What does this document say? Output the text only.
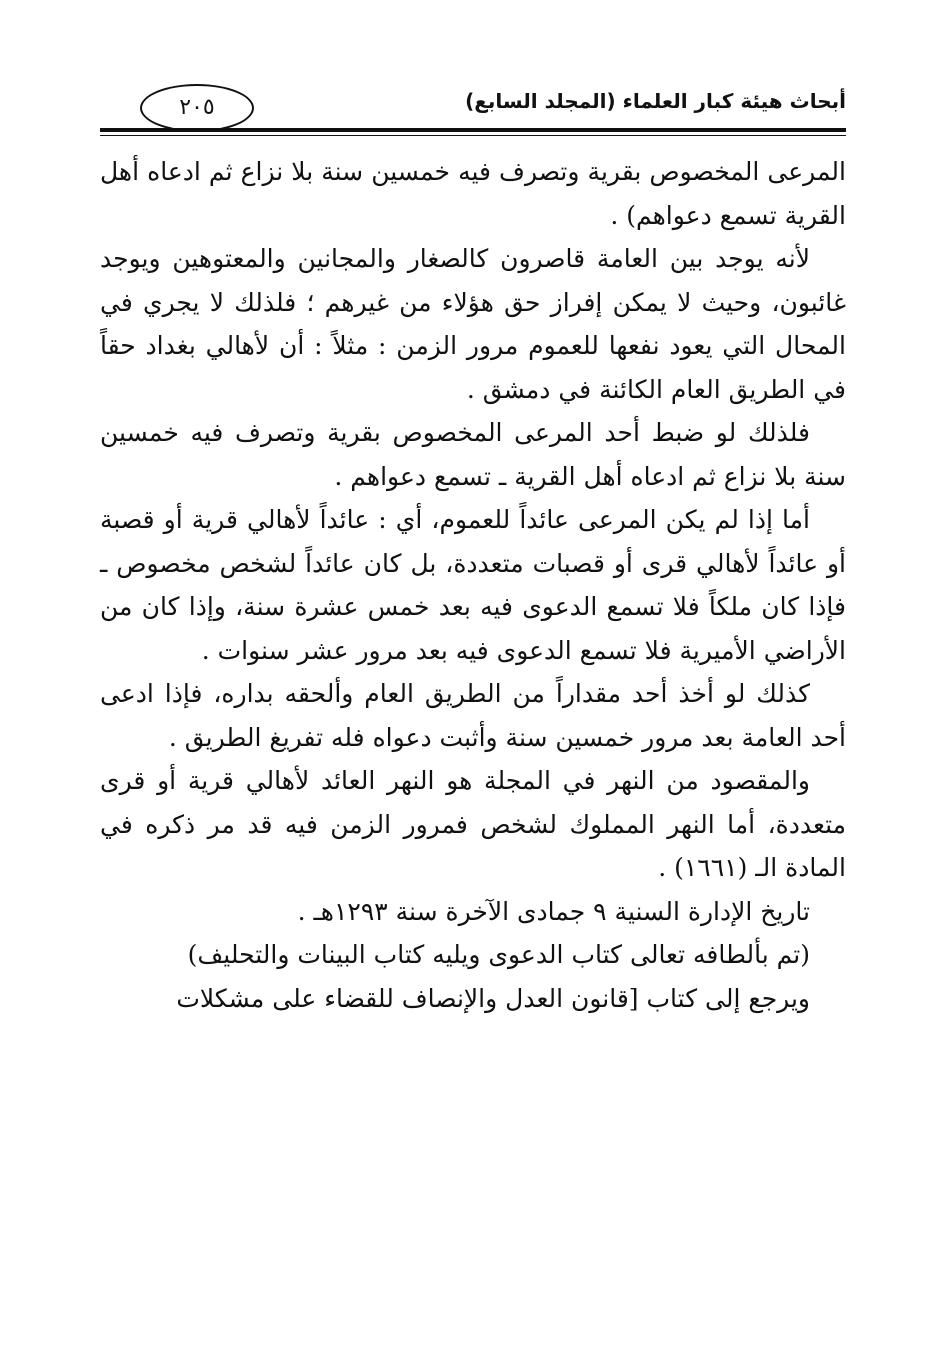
أبحاث هيئة كبار العلماء (المجلد السابع)
٢٠٥

المرعى المخصوص بقرية وتصرف فيه خمسين سنة بلا نزاع ثم ادعاه أهل القرية تسمع دعواهم) .

لأنه يوجد بين العامة قاصرون كالصغار والمجانين والمعتوهين ويوجد غائبون، وحيث لا يمكن إفراز حق هؤلاء من غيرهم ؛ فلذلك لا يجري في المحال التي يعود نفعها للعموم مرور الزمن : مثلاً : أن لأهالي بغداد حقاً في الطريق العام الكائنة في دمشق .

فلذلك لو ضبط أحد المرعى المخصوص بقرية وتصرف فيه خمسين سنة بلا نزاع ثم ادعاه أهل القرية ـ تسمع دعواهم .

أما إذا لم يكن المرعى عائداً للعموم، أي : عائداً لأهالي قرية أو قصبة أو عائداً لأهالي قرى أو قصبات متعددة، بل كان عائداً لشخص مخصوص ـ فإذا كان ملكاً فلا تسمع الدعوى فيه بعد خمس عشرة سنة، وإذا كان من الأراضي الأميرية فلا تسمع الدعوى فيه بعد مرور عشر سنوات .

كذلك لو أخذ أحد مقداراً من الطريق العام وألحقه بداره، فإذا ادعى أحد العامة بعد مرور خمسين سنة وأثبت دعواه فله تفريغ الطريق .

والمقصود من النهر في المجلة هو النهر العائد لأهالي قرية أو قرى متعددة، أما النهر المملوك لشخص فمرور الزمن فيه قد مر ذكره في المادة الـ (١٦٦١) .

تاريخ الإدارة السنية ٩ جمادى الآخرة سنة ١٢٩٣هـ .

(تم بألطافه تعالى كتاب الدعوى ويليه كتاب البينات والتحليف)

ويرجع إلى كتاب [قانون العدل والإنصاف للقضاء على مشكلات
